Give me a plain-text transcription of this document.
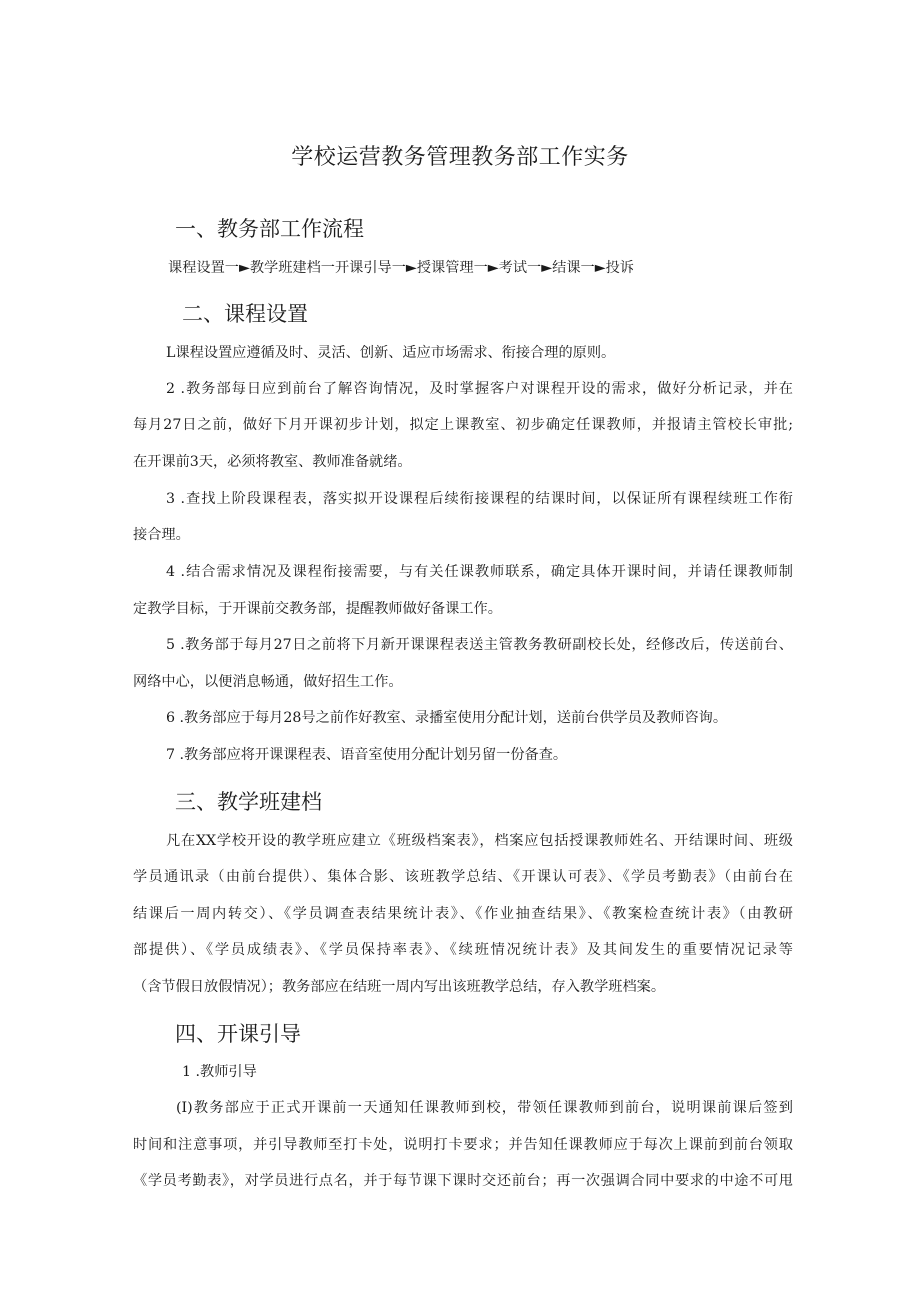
学校运营教务管理教务部工作实务
一、教务部工作流程
课程设置一►教学班建档一开课引导一►授课管理一►考试一►结课一►投诉
二、课程设置
L课程设置应遵循及时、灵活、创新、适应市场需求、衔接合理的原则。
2 .教务部每日应到前台了解咨询情况，及时掌握客户对课程开设的需求，做好分析记录，并在
每月27日之前，做好下月开课初步计划，拟定上课教室、初步确定任课教师，并报请主管校长审批;
在开课前3天，必须将教室、教师准备就绪。
3 .查找上阶段课程表，落实拟开设课程后续衔接课程的结课时间，以保证所有课程续班工作衔
接合理。
4 .结合需求情况及课程衔接需要，与有关任课教师联系，确定具体开课时间，并请任课教师制
定教学目标，于开课前交教务部，提醒教师做好备课工作。
5 .教务部于每月27日之前将下月新开课课程表送主管教务教研副校长处，经修改后，传送前台、
网络中心，以便消息畅通，做好招生工作。
6 .教务部应于每月28号之前作好教室、录播室使用分配计划，送前台供学员及教师咨询。
7 .教务部应将开课课程表、语音室使用分配计划另留一份备查。
三、教学班建档
凡在XX学校开设的教学班应建立《班级档案表》，档案应包括授课教师姓名、开结课时间、班级
学员通讯录（由前台提供）、集体合影、该班教学总结、《开课认可表》、《学员考勤表》（由前台在
结课后一周内转交）、《学员调查表结果统计表》、《作业抽查结果》、《教案检查统计表》（由教研
部提供）、《学员成绩表》、《学员保持率表》、《续班情况统计表》及其间发生的重要情况记录等
（含节假日放假情况）；教务部应在结班一周内写出该班教学总结，存入教学班档案。
四、开课引导
1 .教师引导
(I)教务部应于正式开课前一天通知任课教师到校，带领任课教师到前台，说明课前课后签到
时间和注意事项，并引导教师至打卡处，说明打卡要求；并告知任课教师应于每次上课前到前台领取
《学员考勤表》，对学员进行点名，并于每节课下课时交还前台；再一次强调合同中要求的中途不可甩
